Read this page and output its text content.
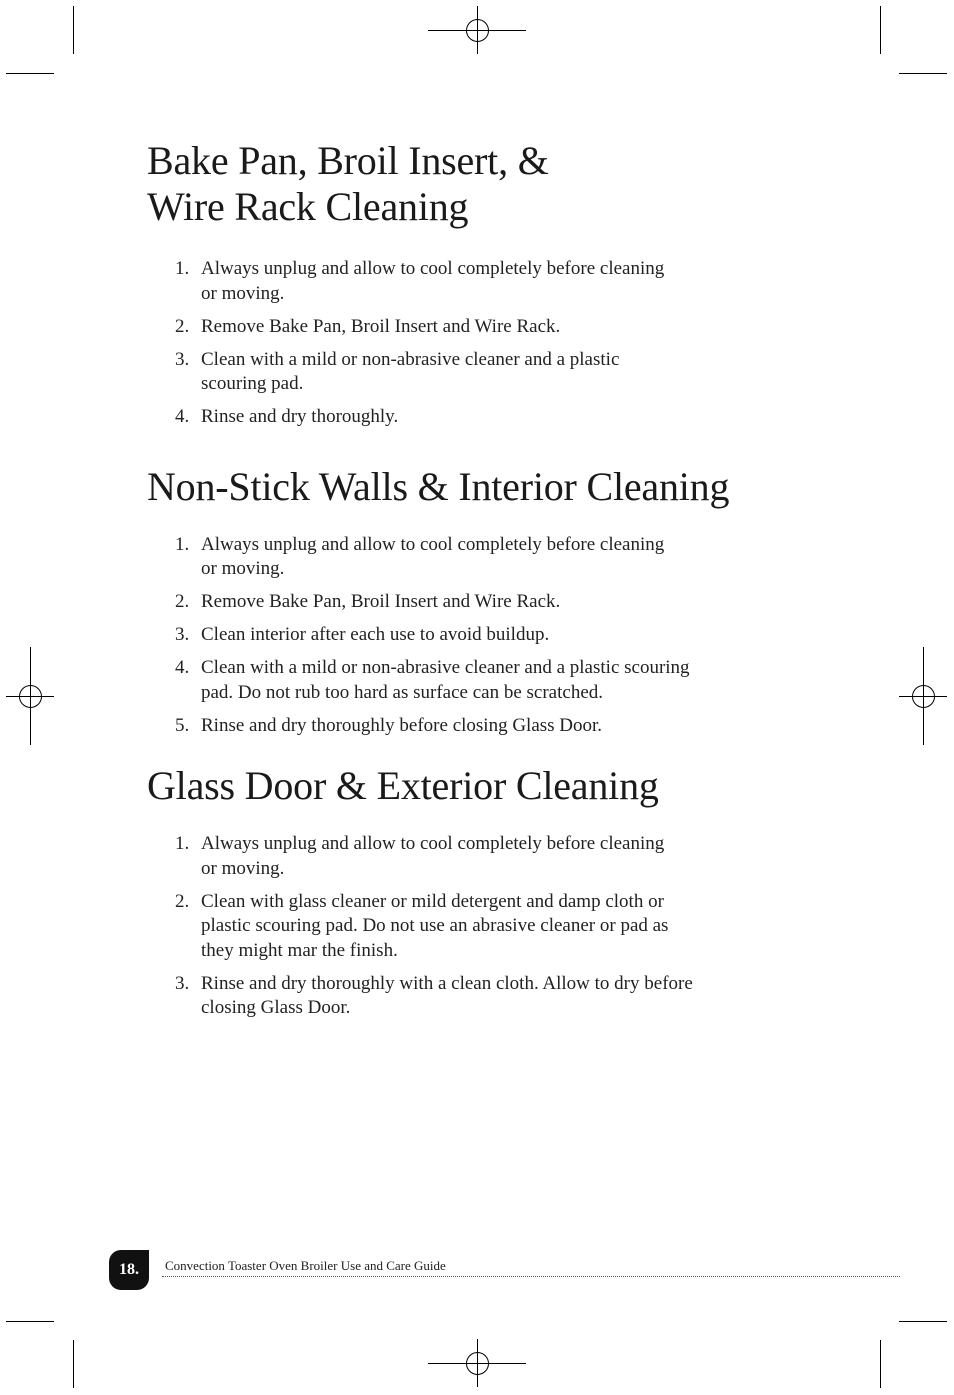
Bake Pan, Broil Insert, &
Wire Rack Cleaning
1. Always unplug and allow to cool completely before cleaning
or moving.
2. Remove Bake Pan, Broil Insert and Wire Rack.
3. Clean with a mild or non-abrasive cleaner and a plastic
scouring pad.
4. Rinse and dry thoroughly.
Non-Stick Walls & Interior Cleaning
1. Always unplug and allow to cool completely before cleaning
or moving.
2. Remove Bake Pan, Broil Insert and Wire Rack.
3. Clean interior after each use to avoid buildup.
4. Clean with a mild or non-abrasive cleaner and a plastic scouring
pad. Do not rub too hard as surface can be scratched.
5. Rinse and dry thoroughly before closing Glass Door.
Glass Door & Exterior Cleaning
1. Always unplug and allow to cool completely before cleaning
or moving.
2. Clean with glass cleaner or mild detergent and damp cloth or
plastic scouring pad. Do not use an abrasive cleaner or pad as
they might mar the finish.
3. Rinse and dry thoroughly with a clean cloth. Allow to dry before
closing Glass Door.
18. Convection Toaster Oven Broiler Use and Care Guide
